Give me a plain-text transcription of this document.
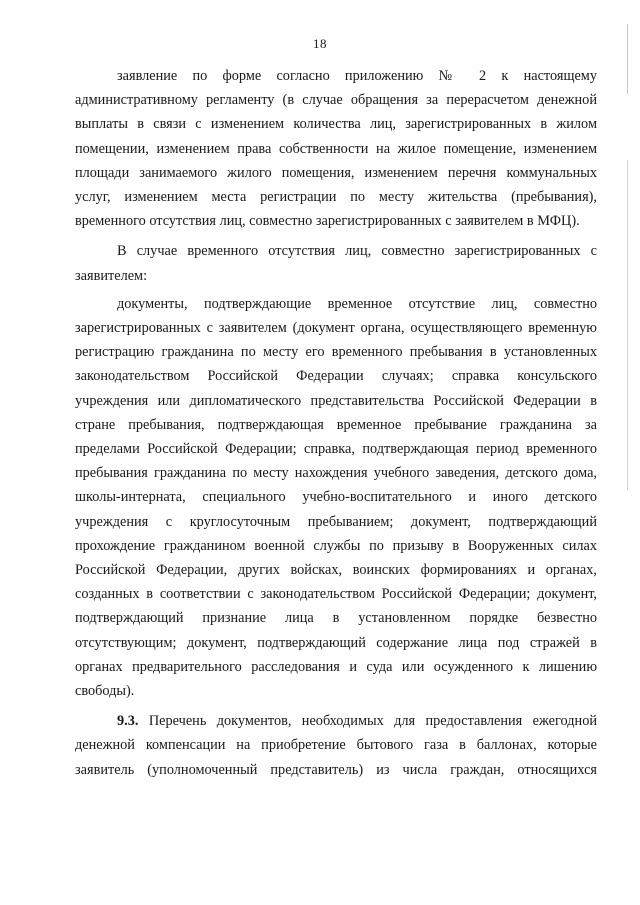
18

заявление по форме согласно приложению № 2 к настоящему административному регламенту (в случае обращения за перерасчетом денежной выплаты в связи с изменением количества лиц, зарегистрированных в жилом помещении, изменением права собственности на жилое помещение, изменением площади занимаемого жилого помещения, изменением перечня коммунальных услуг, изменением места регистрации по месту жительства (пребывания), временного отсутствия лиц, совместно зарегистрированных с заявителем в МФЦ).

В случае временного отсутствия лиц, совместно зарегистрированных с заявителем:

документы, подтверждающие временное отсутствие лиц, совместно зарегистрированных с заявителем (документ органа, осуществляющего временную регистрацию гражданина по месту его временного пребывания в установленных законодательством Российской Федерации случаях; справка консульского учреждения или дипломатического представительства Российской Федерации в стране пребывания, подтверждающая временное пребывание гражданина за пределами Российской Федерации; справка, подтверждающая период временного пребывания гражданина по месту нахождения учебного заведения, детского дома, школы-интерната, специального учебно-воспитательного и иного детского учреждения с круглосуточным пребыванием; документ, подтверждающий прохождение гражданином военной службы по призыву в Вооруженных силах Российской Федерации, других войсках, воинских формированиях и органах, созданных в соответствии с законодательством Российской Федерации; документ, подтверждающий признание лица в установленном порядке безвестно отсутствующим; документ, подтверждающий содержание лица под стражей в органах предварительного расследования и суда или осужденного к лишению свободы).

9.3. Перечень документов, необходимых для предоставления ежегодной денежной компенсации на приобретение бытового газа в баллонах, которые заявитель (уполномоченный представитель) из числа граждан, относящихся
